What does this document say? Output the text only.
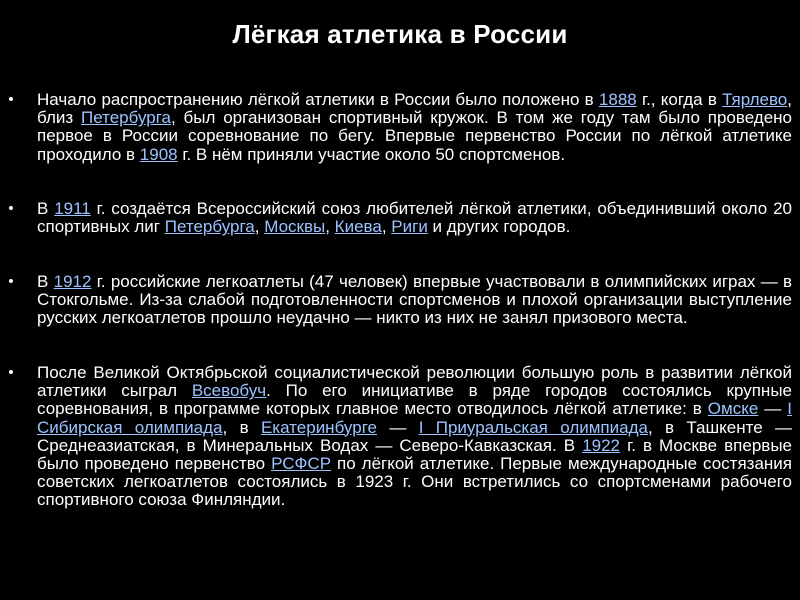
Лёгкая атлетика в России
• Начало распространению лёгкой атлетики в России было положено в 1888 г., когда в Тярлево, близ Петербурга, был организован спортивный кружок. В том же году там было проведено первое в России соревнование по бегу. Впервые первенство России по лёгкой атлетике проходило в 1908 г. В нём приняли участие около 50 спортсменов.
• В 1911 г. создаётся Всероссийский союз любителей лёгкой атлетики, объединивший около 20 спортивных лиг Петербурга, Москвы, Киева, Риги и других городов.
• В 1912 г. российские легкоатлеты (47 человек) впервые участвовали в олимпийских играх — в Стокгольме. Из-за слабой подготовленности спортсменов и плохой организации выступление русских легкоатлетов прошло неудачно — никто из них не занял призового места.
• После Великой Октябрьской социалистической революции большую роль в развитии лёгкой атлетики сыграл Всевобуч. По его инициативе в ряде городов состоялись крупные соревнования, в программе которых главное место отводилось лёгкой атлетике: в Омске — I Сибирская олимпиада, в Екатеринбурге — I Приуральская олимпиада, в Ташкенте — Среднеазиатская, в Минеральных Водах — Северо-Кавказская. В 1922 г. в Москве впервые было проведено первенство РСФСР по лёгкой атлетике. Первые международные состязания советских легкоатлетов состоялись в 1923 г. Они встретились со спортсменами рабочего спортивного союза Финляндии.
